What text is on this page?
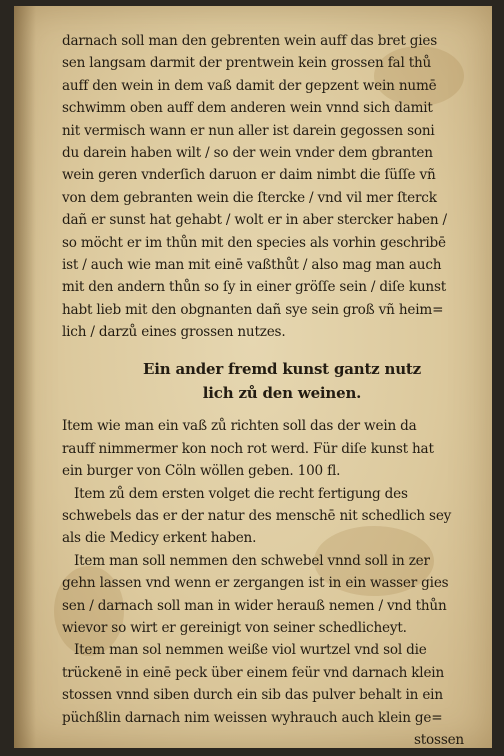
darnach soll man den gebrenten wein auff das bret gies
sen langsam darmit der prentwein kein grossen fal thů
auff den wein in dem vaß damit der gepzent wein numē
schwimm oben auff dem anderen wein vnnd sich damit
nit vermisch wann er nun aller ist darein gegossen soni
du darein haben wilt / so der wein vnder dem gbranten
wein geren vnderſich daruon er daim nimbt die ſüſſe vñ
von dem gebranten wein die ſtercke / vnd vil mer ſterck
dañ er sunst hat gehabt / wolt er in aber stercker haben /
so möcht er im thůn mit den species als vorhin geschribē
ist / auch wie man mit einē vaßthůt / also mag man auch
mit den andern thůn so ſy in einer gröſſe sein / diſe kunst
habt lieb mit den obgnanten dañ sye sein groß vñ heim=
lich / darzů eines grossen nutzes.
Ein ander fremd kunst gantz nutz
lich zů den weinen.
Item wie man ein vaß zů richten soll das der wein da
rauff nimmermer kon noch rot werd. Für diſe kunst hat
ein burger von Cöln wöllen geben. 100 fl.
Item zů dem ersten volget die recht fertigung des
schwebels das er der natur des menschē nit schedlich sey
als die Medicy erkent haben.
Item man soll nemmen den schwebel vnnd soll in zer
gehn lassen vnd wenn er zergangen ist in ein wasser gies
sen / darnach soll man in wider herauß nemen / vnd thůn
wievor so wirt er gereinigt von seiner schedlicheyt.
Item man sol nemmen weiße viol wurtzel vnd sol die
trückenē in einē peck über einem feür vnd darnach klein
stossen vnnd siben durch ein sib das pulver behalt in ein
püchßlin darnach nim weissen wyhrauch auch klein ge=
stossen
